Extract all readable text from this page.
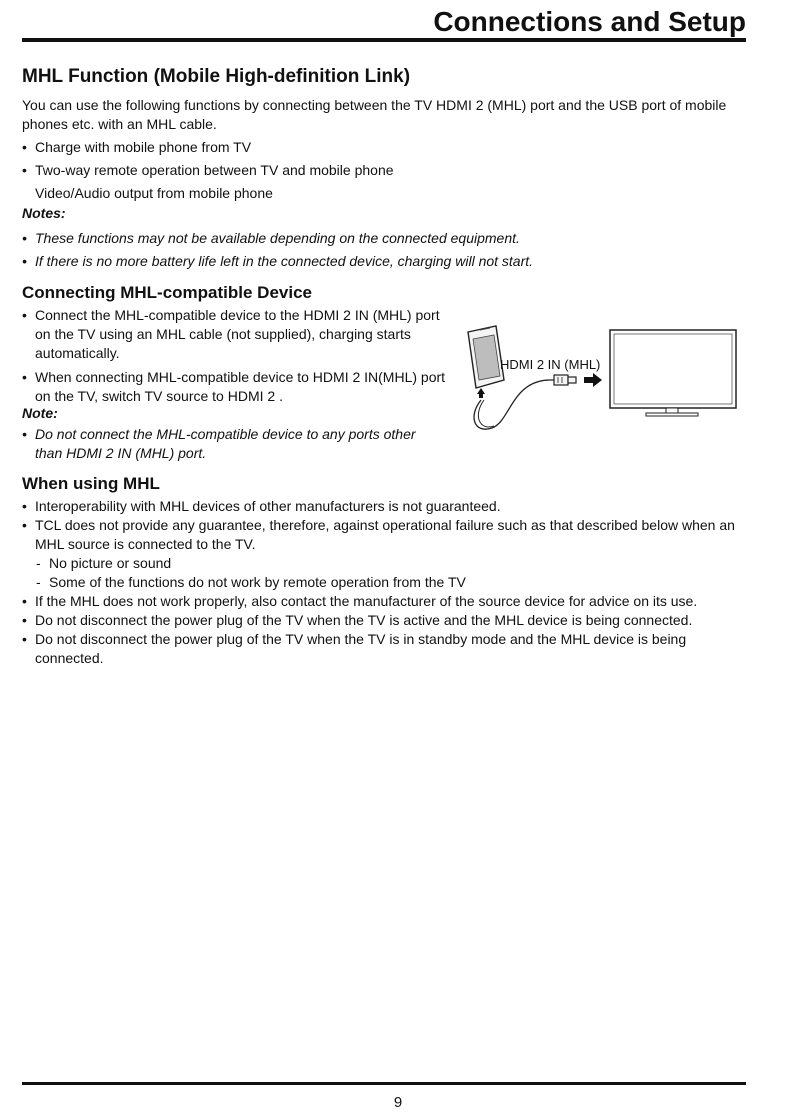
Connections and Setup
MHL Function (Mobile High-definition Link)
You can use the following functions by connecting between the TV HDMI 2 (MHL) port and the USB port of mobile phones etc. with an MHL cable.
• Charge with mobile phone from TV
• Two-way remote operation between TV and mobile phone
Video/Audio output from mobile phone
Notes:
• These functions may not be available depending on the connected equipment.
• If there is no more battery life left in the connected device, charging will not start.
Connecting MHL-compatible Device
• Connect the MHL-compatible device to the HDMI 2 IN (MHL) port on the TV using an MHL cable (not supplied), charging starts automatically.
• When connecting MHL-compatible device to HDMI 2 IN(MHL) port on the TV, switch TV source to HDMI 2 .
Note:
• Do not connect the MHL-compatible device to any ports other than HDMI 2 IN (MHL) port.
HDMI 2 IN (MHL)
When using MHL
• Interoperability with MHL devices of other manufacturers is not guaranteed.
• TCL does not provide any guarantee, therefore, against operational failure such as that described below when an MHL source is connected to the TV.
- No picture or sound
- Some of the functions do not work by remote operation from the TV
• If the MHL does not work properly, also contact the manufacturer of the source device for advice on its use.
• Do not disconnect the power plug of the TV when the TV is active and the MHL device is being connected.
• Do not disconnect the power plug of the TV when the TV is in standby mode and the MHL device is being connected.
9
